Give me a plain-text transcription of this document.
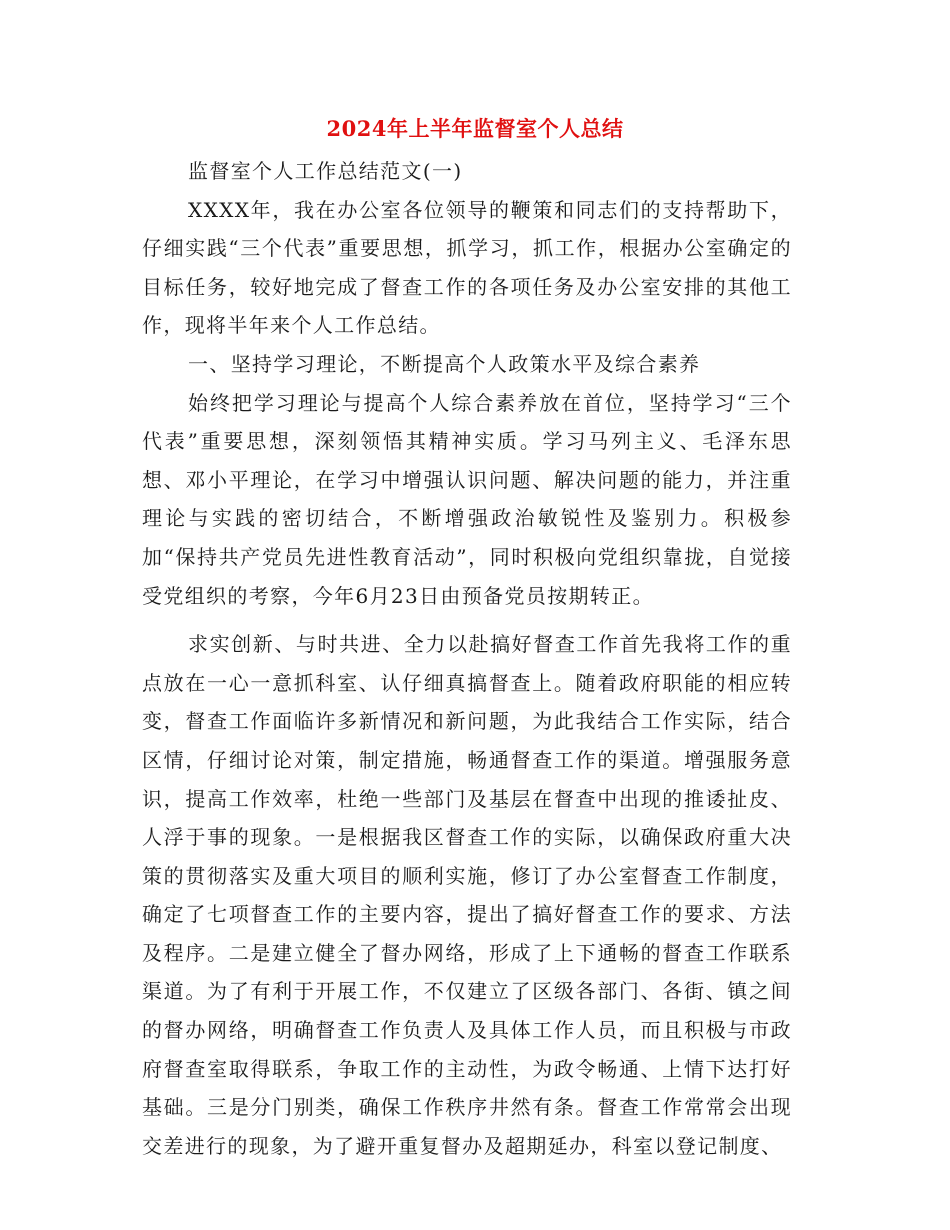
2024年上半年监督室个人总结

监督室个人工作总结范文(一)

XXXX年，我在办公室各位领导的鞭策和同志们的支持帮助下，仔细实践“三个代表”重要思想，抓学习，抓工作，根据办公室确定的目标任务，较好地完成了督查工作的各项任务及办公室安排的其他工作，现将半年来个人工作总结。

一、坚持学习理论，不断提高个人政策水平及综合素养

始终把学习理论与提高个人综合素养放在首位，坚持学习“三个代表”重要思想，深刻领悟其精神实质。学习马列主义、毛泽东思想、邓小平理论，在学习中增强认识问题、解决问题的能力，并注重理论与实践的密切结合，不断增强政治敏锐性及鉴别力。积极参加“保持共产党员先进性教育活动”，同时积极向党组织靠拢，自觉接受党组织的考察，今年6月23日由预备党员按期转正。

求实创新、与时共进、全力以赴搞好督查工作首先我将工作的重点放在一心一意抓科室、认仔细真搞督查上。随着政府职能的相应转变，督查工作面临许多新情况和新问题，为此我结合工作实际，结合区情，仔细讨论对策，制定措施，畅通督查工作的渠道。增强服务意识，提高工作效率，杜绝一些部门及基层在督查中出现的推诿扯皮、人浮于事的现象。一是根据我区督查工作的实际，以确保政府重大决策的贯彻落实及重大项目的顺利实施，修订了办公室督查工作制度，确定了七项督查工作的主要内容，提出了搞好督查工作的要求、方法及程序。二是建立健全了督办网络，形成了上下通畅的督查工作联系渠道。为了有利于开展工作，不仅建立了区级各部门、各街、镇之间的督办网络，明确督查工作负责人及具体工作人员，而且积极与市政府督查室取得联系，争取工作的主动性，为政令畅通、上情下达打好基础。三是分门别类，确保工作秩序井然有条。督查工作常常会出现交差进行的现象，为了避开重复督办及超期延办，科室以登记制度、
